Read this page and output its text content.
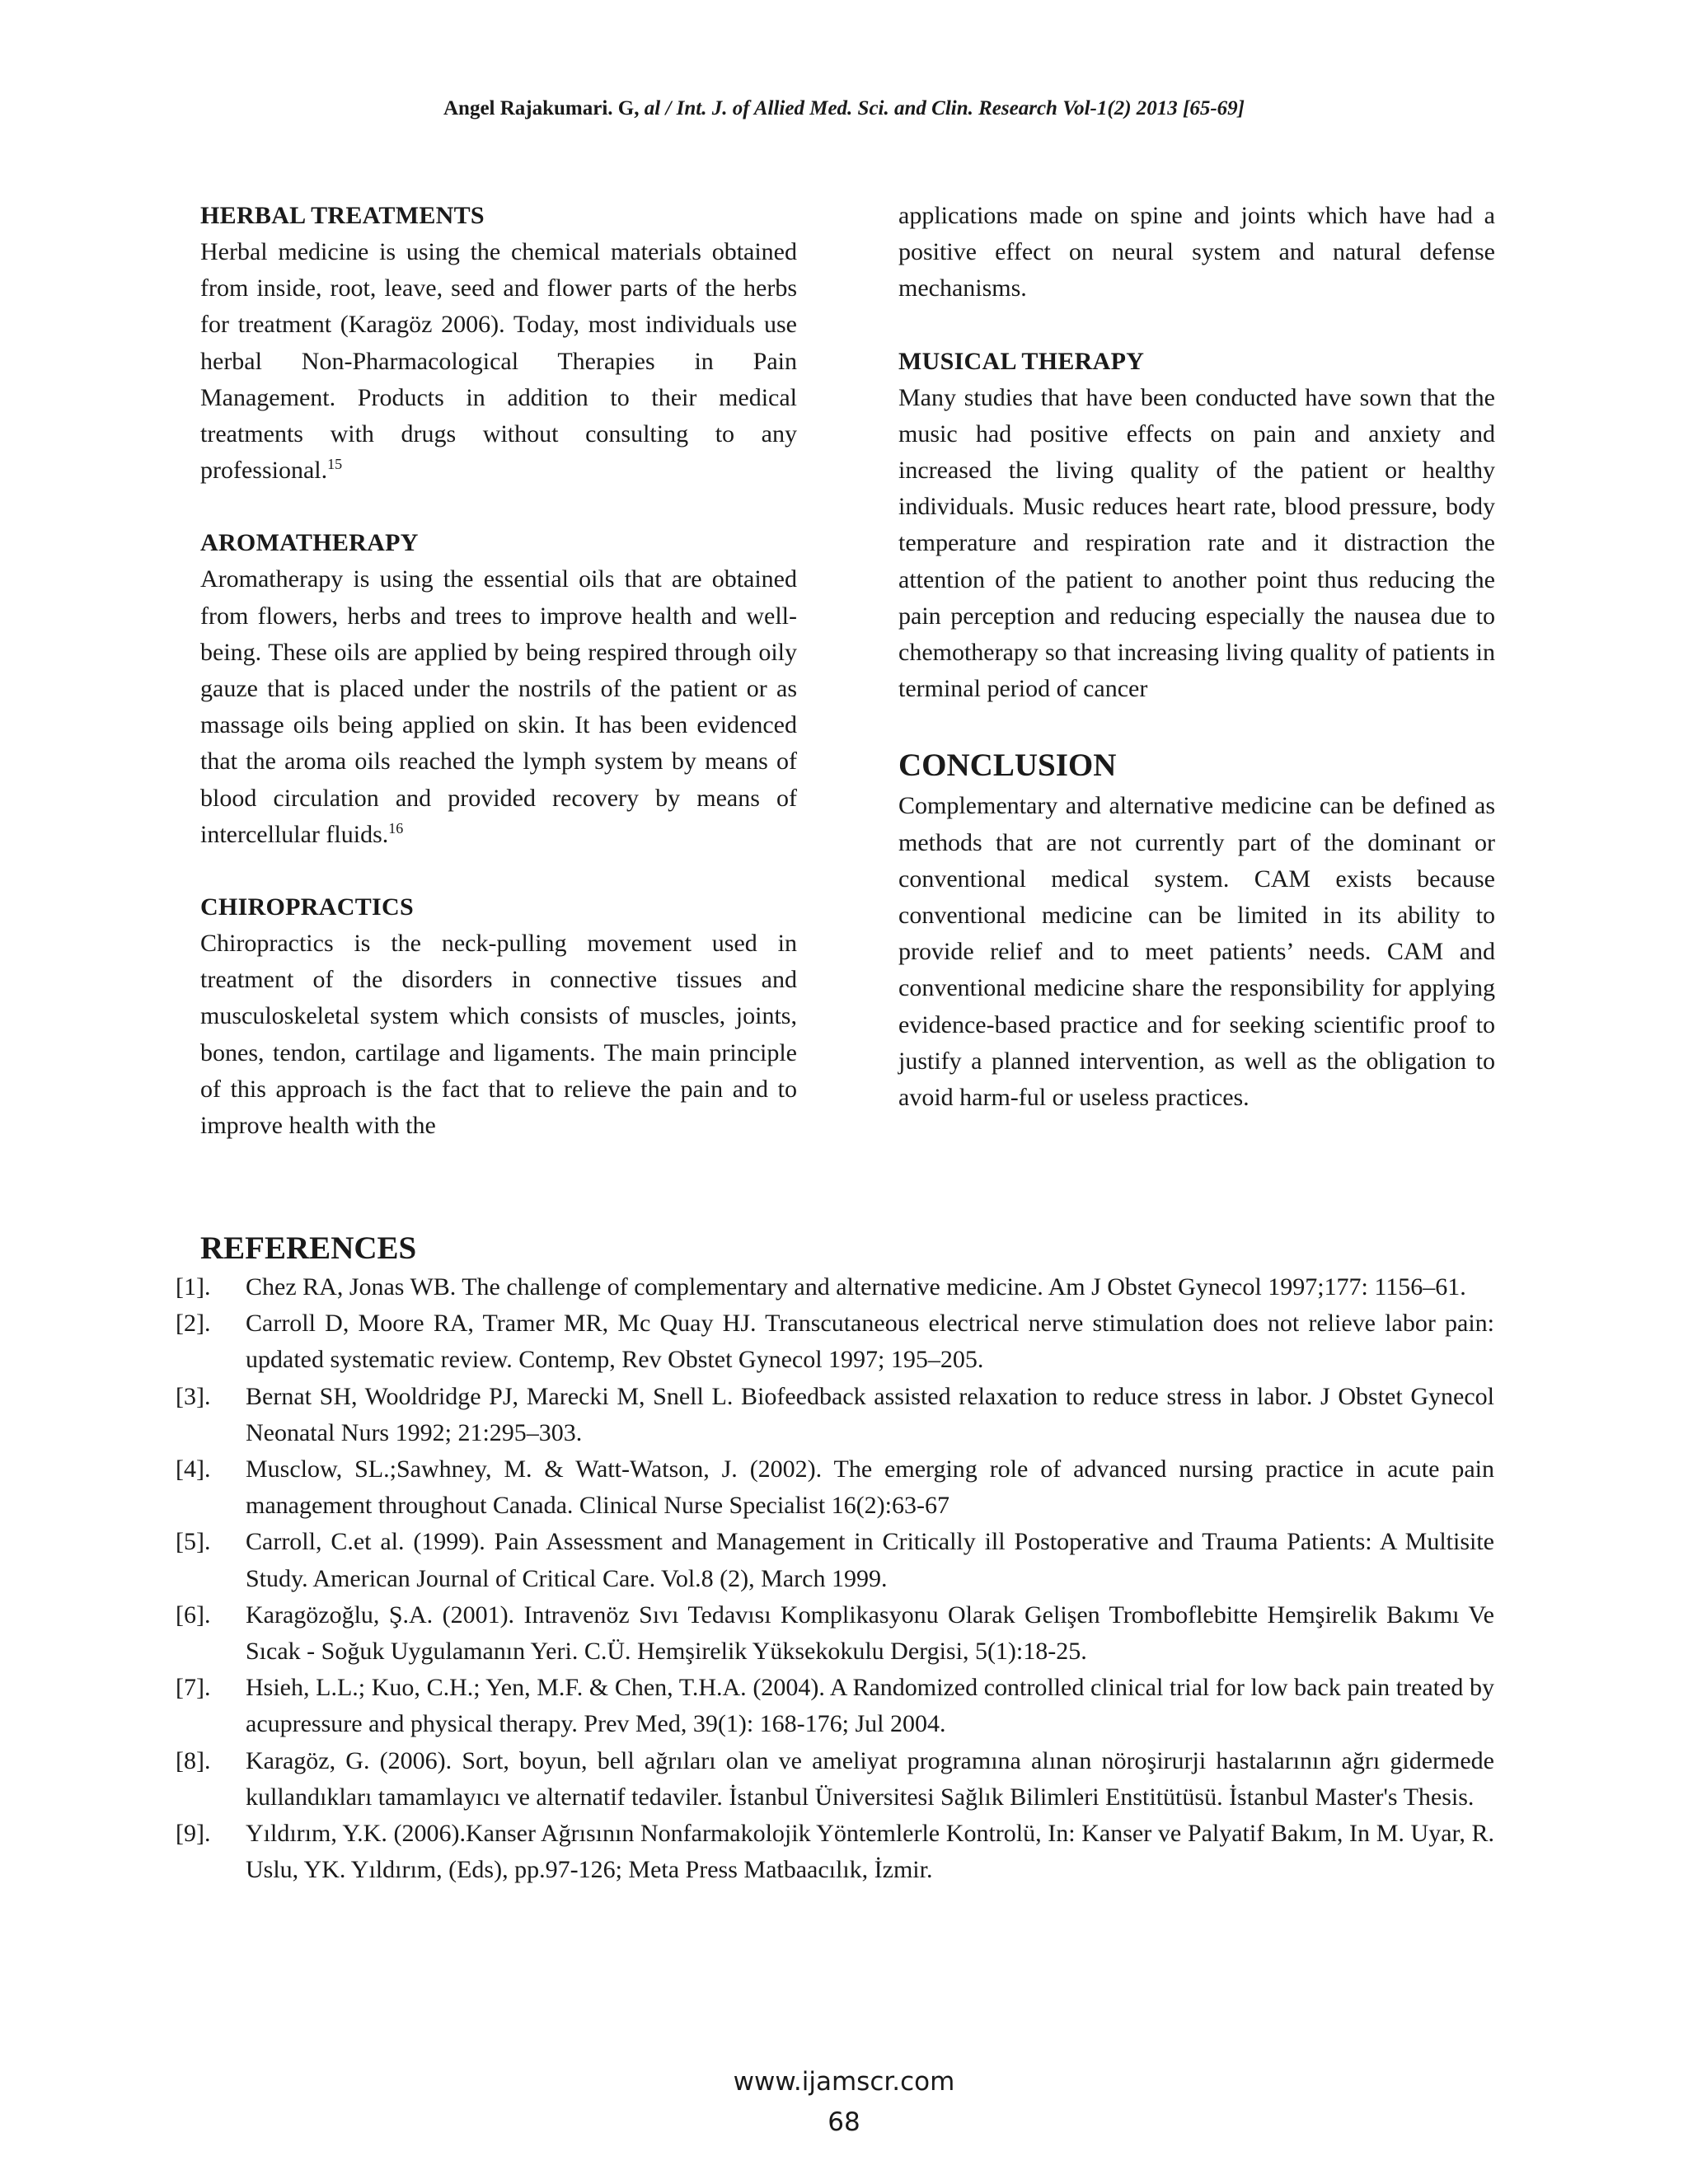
Angel Rajakumari. G, al / Int. J. of Allied Med. Sci. and Clin. Research Vol-1(2) 2013 [65-69]
HERBAL TREATMENTS

Herbal medicine is using the chemical materials obtained from inside, root, leave, seed and flower parts of the herbs for treatment (Karagöz 2006). Today, most individuals use herbal Non-Pharmacological Therapies in Pain Management. Products in addition to their medical treatments with drugs without consulting to any professional.$^{15}$

AROMATHERAPY

Aromatherapy is using the essential oils that are obtained from flowers, herbs and trees to improve health and well-being. These oils are applied by being respired through oily gauze that is placed under the nostrils of the patient or as massage oils being applied on skin. It has been evidenced that the aroma oils reached the lymph system by means of blood circulation and provided recovery by means of intercellular fluids.$^{16}$

CHIROPRACTICS

Chiropractics is the neck-pulling movement used in treatment of the disorders in connective tissues and musculoskeletal system which consists of muscles, joints, bones, tendon, cartilage and ligaments. The main principle of this approach is the fact that to relieve the pain and to improve health with the

applications made on spine and joints which have had a positive effect on neural system and natural defense mechanisms.

MUSICAL THERAPY

Many studies that have been conducted have sown that the music had positive effects on pain and anxiety and increased the living quality of the patient or healthy individuals. Music reduces heart rate, blood pressure, body temperature and respiration rate and it distraction the attention of the patient to another point thus reducing the pain perception and reducing especially the nausea due to chemotherapy so that increasing living quality of patients in terminal period of cancer

CONCLUSION

Complementary and alternative medicine can be defined as methods that are not currently part of the dominant or conventional medical system. CAM exists because conventional medicine can be limited in its ability to provide relief and to meet patients’ needs. CAM and conventional medicine share the responsibility for applying evidence-based practice and for seeking scientific proof to justify a planned intervention, as well as the obligation to avoid harm-ful or useless practices.

REFERENCES
[1].	Chez RA, Jonas WB. The challenge of complementary and alternative medicine. Am J Obstet Gynecol 1997;177: 1156–61.
[2].	Carroll D, Moore RA, Tramer MR, Mc Quay HJ. Transcutaneous electrical nerve stimulation does not relieve labor pain: updated systematic review. Contemp, Rev Obstet Gynecol 1997; 195–205.
[3].	Bernat SH, Wooldridge PJ, Marecki M, Snell L. Biofeedback assisted relaxation to reduce stress in labor. J Obstet Gynecol Neonatal Nurs 1992; 21:295–303.
[4].	Musclow, SL.;Sawhney, M. & Watt-Watson, J. (2002). The emerging role of advanced nursing practice in acute pain management throughout Canada. Clinical Nurse Specialist 16(2):63-67
[5].	Carroll, C.et al. (1999). Pain Assessment and Management in Critically ill Postoperative and Trauma Patients: A Multisite Study. American Journal of Critical Care. Vol.8 (2), March 1999.
[6].	Karagözoğlu, Ş.A. (2001). Intravenöz Sıvı Tedavısı Komplikasyonu Olarak Gelişen Tromboflebitte Hemşirelik Bakımı Ve Sıcak - Soğuk Uygulamanın Yeri. C.Ü. Hemşirelik Yüksekokulu Dergisi, 5(1):18-25.
[7].	Hsieh, L.L.; Kuo, C.H.; Yen, M.F. & Chen, T.H.A. (2004). A Randomized controlled clinical trial for low back pain treated by acupressure and physical therapy. Prev Med, 39(1): 168-176; Jul 2004.
[8].	Karagöz, G. (2006). Sort, boyun, bell ağrıları olan ve ameliyat programına alınan nöroşirurji hastalarının ağrı gidermede kullandıkları tamamlayıcı ve alternatif tedaviler. İstanbul Üniversitesi Sağlık Bilimleri Enstitütüsü. İstanbul Master's Thesis.
[9].	Yıldırım, Y.K. (2006).Kanser Ağrısının Nonfarmakolojik Yöntemlerle Kontrolü, In: Kanser ve Palyatif Bakım, In M. Uyar, R. Uslu, YK. Yıldırım, (Eds), pp.97-126; Meta Press Matbaacılık, İzmir.
www.ijamscr.com
68
